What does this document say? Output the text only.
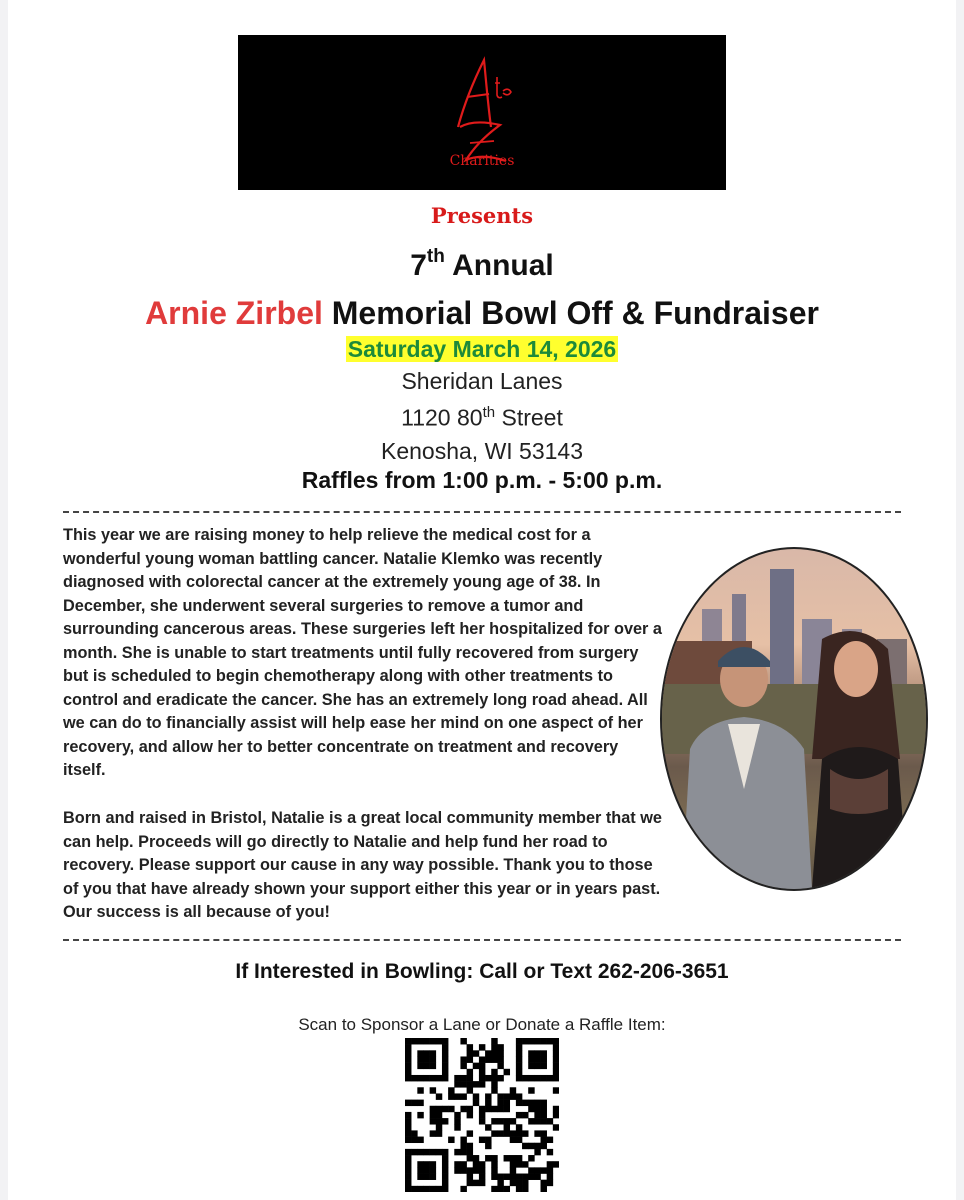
Charities
Presents
7th Annual
Arnie Zirbel Memorial Bowl Off & Fundraiser
Saturday March 14, 2026
Sheridan Lanes
1120 80th Street
Kenosha, WI 53143
Raffles from 1:00 p.m. - 5:00 p.m.
This year we are raising money to help relieve the medical cost for a wonderful young woman battling cancer. Natalie Klemko was recently diagnosed with colorectal cancer at the extremely young age of 38. In December, she underwent several surgeries to remove a tumor and surrounding cancerous areas. These surgeries left her hospitalized for over a month. She is unable to start treatments until fully recovered from surgery but is scheduled to begin chemotherapy along with other treatments to control and eradicate the cancer. She has an extremely long road ahead. All we can do to financially assist will help ease her mind on one aspect of her recovery, and allow her to better concentrate on treatment and recovery itself.
Born and raised in Bristol, Natalie is a great local community member that we can help. Proceeds will go directly to Natalie and help fund her road to recovery. Please support our cause in any way possible. Thank you to those of you that have already shown your support either this year or in years past. Our success is all because of you!
If Interested in Bowling: Call or Text 262-206-3651
Scan to Sponsor a Lane or Donate a Raffle Item:
